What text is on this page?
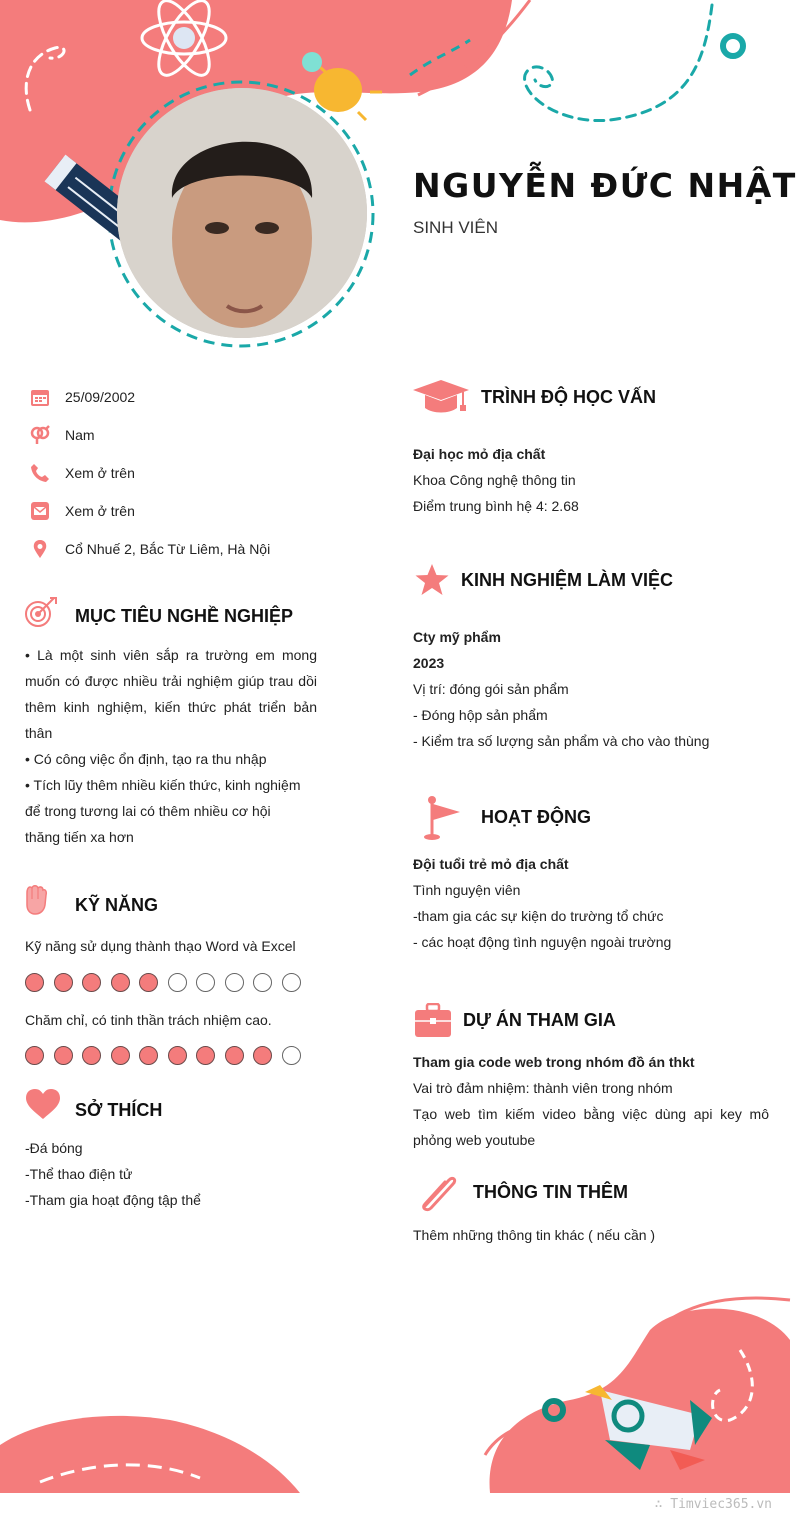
NGUYỄN ĐỨC NHẬT
SINH VIÊN
25/09/2002
Nam
Xem ở trên
Xem ở trên
Cổ Nhuế 2, Bắc Từ Liêm, Hà Nội
MỤC TIÊU NGHỀ NGHIỆP

• Là một sinh viên sắp ra trường em mong muốn có được nhiều trải nghiệm giúp trau dồi thêm kinh nghiệm, kiến thức phát triển bản thân

• Có công việc ổn định, tạo ra thu nhập

• Tích lũy thêm nhiều kiến thức, kinh nghiệm

để trong tương lai có thêm nhiều cơ hội

thăng tiến xa hơn

KỸ NĂNG
Kỹ năng sử dụng thành thạo Word và Excel
Chăm chỉ, có tinh thần trách nhiệm cao.
SỞ THÍCH

-Đá bóng

-Thể thao điện tử

-Tham gia hoạt động tập thể

TRÌNH ĐỘ HỌC VẤN

Đại học mỏ địa chất

Khoa Công nghệ thông tin

Điểm trung bình hệ 4: 2.68

KINH NGHIỆM LÀM VIỆC

Cty mỹ phẩm

2023

Vị trí: đóng gói sản phẩm

- Đóng hộp sản phẩm

- Kiểm tra số lượng sản phẩm và cho vào thùng

HOẠT ĐỘNG

Đội tuổi trẻ mỏ địa chất

Tình nguyện viên

-tham gia các sự kiện do trường tổ chức

- các hoạt động tình nguyện ngoài trường

DỰ ÁN THAM GIA

Tham gia code web trong nhóm đồ án thkt

Vai trò đảm nhiệm: thành viên trong nhóm

Tạo web tìm kiếm video bằng việc dùng api key mô phỏng web youtube

THÔNG TIN THÊM
Thêm những thông tin khác ( nếu cần )
∴ Timviec365.vn
